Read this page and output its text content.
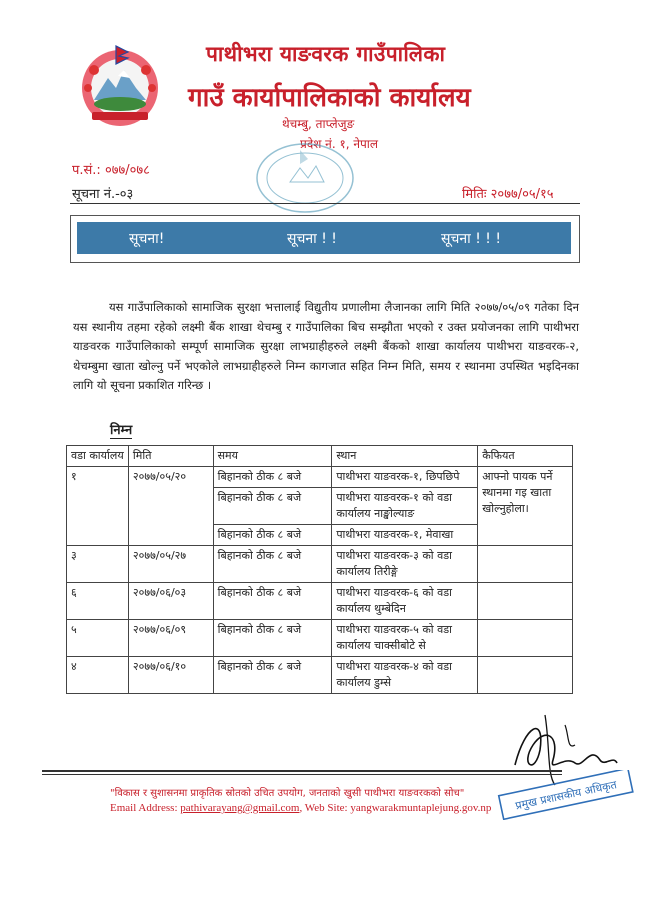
पाथीभरा याङवरक गाउँपालिका
गाउँ कार्यापालिकाको कार्यालय
थेचम्बु, ताप्लेजुङ
प्रदेश नं. १, नेपाल
प.सं.: ०७७/०७८
सूचना नं.-०३	मितिः २०७७/०५/१५
सूचना!	सूचना ! !	सूचना ! ! !
यस गाउँपालिकाको सामाजिक सुरक्षा भत्तालाई विद्युतीय प्रणालीमा लैजानका लागि मिति २०७७/०५/०९ गतेका दिन यस स्थानीय तहमा रहेको लक्ष्मी बैंक शाखा थेचम्बु र गाउँपालिका बिच सम्झौता भएको र उक्त प्रयोजनका लागि पाथीभरा याङवरक गाउँपालिकाको सम्पूर्ण सामाजिक सुरक्षा लाभग्राहीहरुले लक्ष्मी बैंकको शाखा कार्यालय पाथीभरा याङवरक-२, थेचम्बुमा खाता खोल्नु पर्ने भएकोले लाभग्राहीहरुले निम्न कागजात सहित निम्न मिति, समय र स्थानमा उपस्थित भइदिनका लागि यो सूचना प्रकाशित गरिन्छ ।
निम्न
वडा कार्यालय	मिति	समय	स्थान	कैफियत
१	२०७७/०५/२०	बिहानको ठीक ८ बजे	पाथीभरा याङवरक-१, छिपछिपे	आफ्नो पायक पर्ने स्थानमा गइ खाता खोल्नुहोला।
		बिहानको ठीक ८ बजे	पाथीभरा याङवरक-१ को वडा कार्यालय नाङ्खोल्याङ	
		बिहानको ठीक ८ बजे	पाथीभरा याङवरक-१, मेवाखा	
३	२०७७/०५/२७	बिहानको ठीक ८ बजे	पाथीभरा याङवरक-३ को वडा कार्यालय तिरीङ्गे	
६	२०७७/०६/०३	बिहानको ठीक ८ बजे	पाथीभरा याङवरक-६ को वडा कार्यालय थुम्बेदिन	
५	२०७७/०६/०९	बिहानको ठीक ८ बजे	पाथीभरा याङवरक-५ को वडा कार्यालय चाक्सीबोटे से	
४	२०७७/०६/१०	बिहानको ठीक ८ बजे	पाथीभरा याङवरक-४ को वडा कार्यालय डुम्से	
"विकास र सुशासनमा प्राकृतिक स्रोतको उचित उपयोग, जनताको खुसी पाथीभरा याङवरकको सोच"
Email Address: pathivarayang@gmail.com, Web Site: yangwarakmuntaplejung.gov.np प्रमुख प्रशासकीय अधिकृत
